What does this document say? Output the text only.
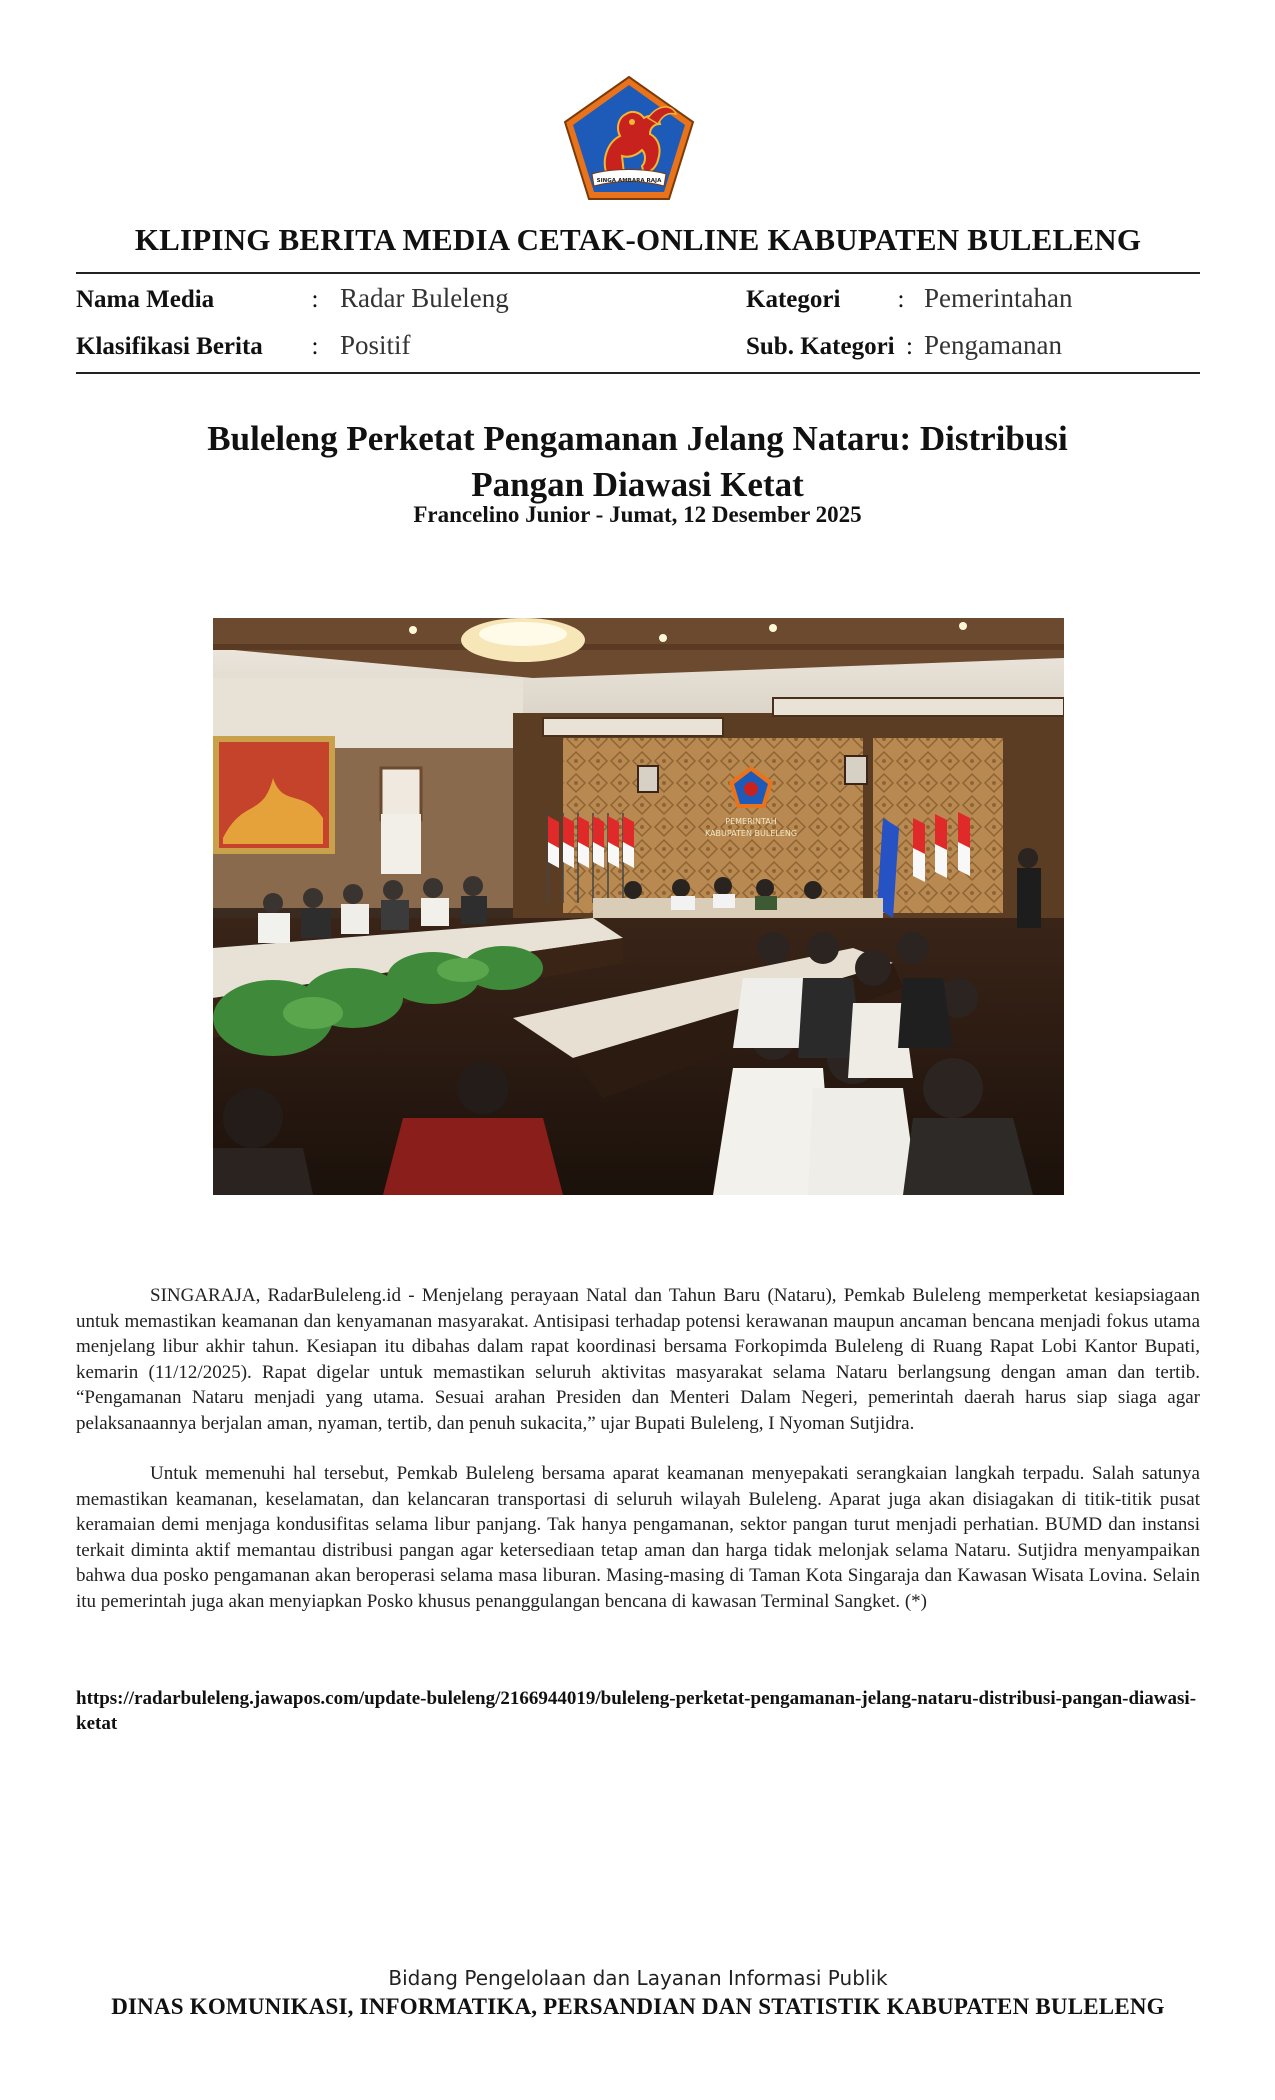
SINGA AMBARA RAJA
KLIPING BERITA MEDIA CETAK-ONLINE KABUPATEN BULELENG
Nama Media	: Radar Buleleng
Klasifikasi Berita	: Positif
Kategori	: Pemerintahan
Sub. Kategori : Pengamanan
Buleleng Perketat Pengamanan Jelang Nataru: Distribusi
Pangan Diawasi Ketat
Francelino Junior - Jumat, 12 Desember 2025
PEMERINTAH
KABUPATEN BULELENG

SINGARAJA, RadarBuleleng.id - Menjelang perayaan Natal dan Tahun Baru (Nataru), Pemkab Buleleng memperketat kesiapsiagaan untuk memastikan keamanan dan kenyamanan masyarakat. Antisipasi terhadap potensi kerawanan maupun ancaman bencana menjadi fokus utama menjelang libur akhir tahun. Kesiapan itu dibahas dalam rapat koordinasi bersama Forkopimda Buleleng di Ruang Rapat Lobi Kantor Bupati, kemarin (11/12/2025). Rapat digelar untuk memastikan seluruh aktivitas masyarakat selama Nataru berlangsung dengan aman dan tertib. “Pengamanan Nataru menjadi yang utama. Sesuai arahan Presiden dan Menteri Dalam Negeri, pemerintah daerah harus siap siaga agar pelaksanaannya berjalan aman, nyaman, tertib, dan penuh sukacita,” ujar Bupati Buleleng, I Nyoman Sutjidra.

Untuk memenuhi hal tersebut, Pemkab Buleleng bersama aparat keamanan menyepakati serangkaian langkah terpadu. Salah satunya memastikan keamanan, keselamatan, dan kelancaran transportasi di seluruh wilayah Buleleng. Aparat juga akan disiagakan di titik-titik pusat keramaian demi menjaga kondusifitas selama libur panjang. Tak hanya pengamanan, sektor pangan turut menjadi perhatian. BUMD dan instansi terkait diminta aktif memantau distribusi pangan agar ketersediaan tetap aman dan harga tidak melonjak selama Nataru. Sutjidra menyampaikan bahwa dua posko pengamanan akan beroperasi selama masa liburan. Masing-masing di Taman Kota Singaraja dan Kawasan Wisata Lovina. Selain itu pemerintah juga akan menyiapkan Posko khusus penanggulangan bencana di kawasan Terminal Sangket. (*)

https://radarbuleleng.jawapos.com/update-buleleng/2166944019/buleleng-perketat-pengamanan-jelang-nataru-distribusi-pangan-diawasi-ketat
Bidang Pengelolaan dan Layanan Informasi Publik
DINAS KOMUNIKASI, INFORMATIKA, PERSANDIAN DAN STATISTIK KABUPATEN BULELENG
